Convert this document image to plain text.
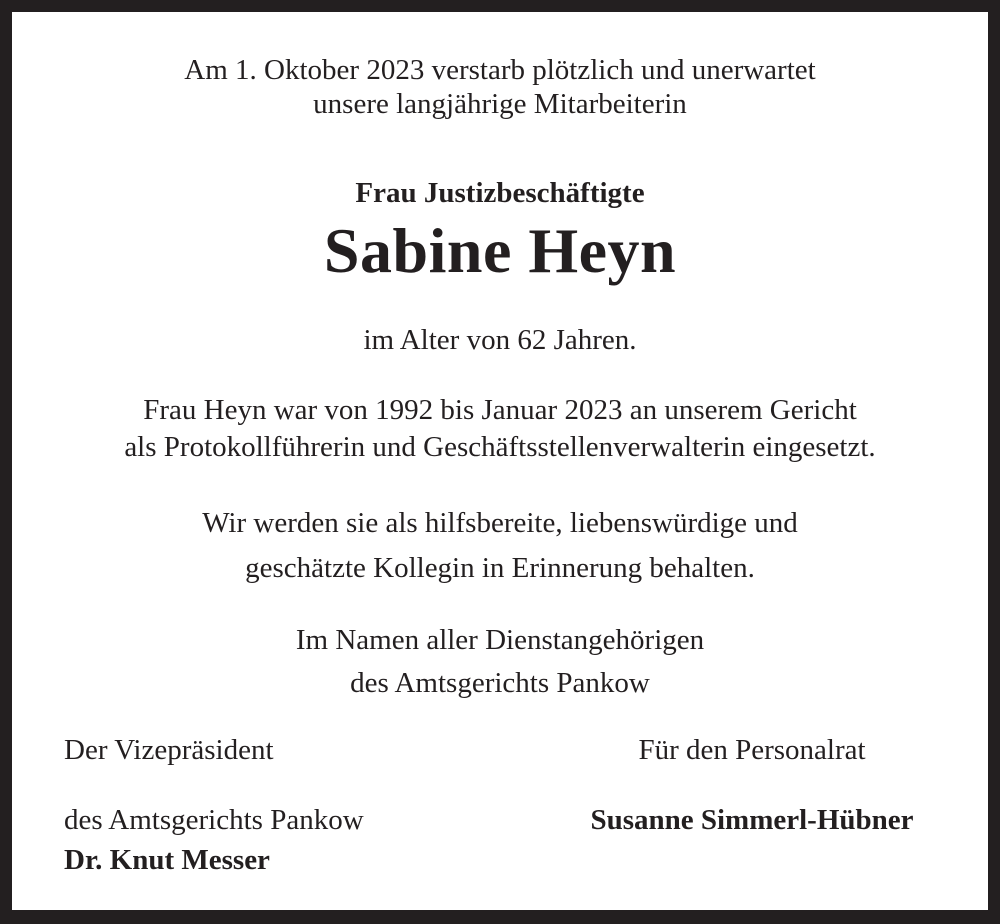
Am 1. Oktober 2023 verstarb plötzlich und unerwartet
unsere langjährige Mitarbeiterin
Frau Justizbeschäftigte
Sabine Heyn
im Alter von 62 Jahren.
Frau Heyn war von 1992 bis Januar 2023 an unserem Gericht
als Protokollführerin und Geschäftsstellenverwalterin eingesetzt.
Wir werden sie als hilfsbereite, liebenswürdige und
geschätzte Kollegin in Erinnerung behalten.
Im Namen aller Dienstangehörigen
des Amtsgerichts Pankow
Der Vizepräsident
des Amtsgerichts Pankow
Dr. Knut Messer
Für den Personalrat
Susanne Simmerl-Hübner
